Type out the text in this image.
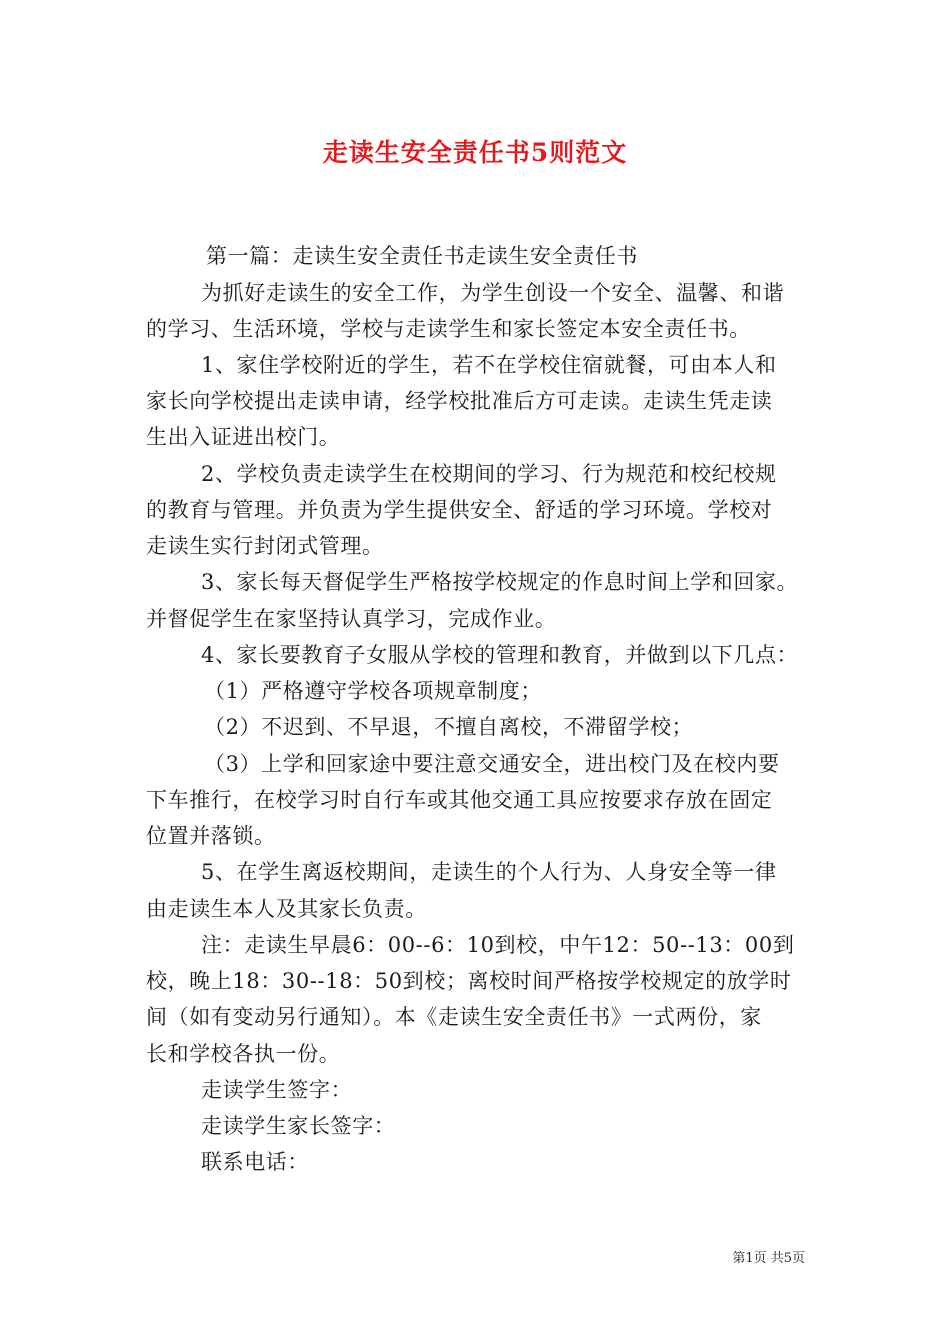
走读生安全责任书5则范文
第一篇：走读生安全责任书走读生安全责任书
为抓好走读生的安全工作，为学生创设一个安全、温馨、和谐
的学习、生活环境，学校与走读学生和家长签定本安全责任书。
1、家住学校附近的学生，若不在学校住宿就餐，可由本人和
家长向学校提出走读申请，经学校批准后方可走读。走读生凭走读
生出入证进出校门。
2、学校负责走读学生在校期间的学习、行为规范和校纪校规
的教育与管理。并负责为学生提供安全、舒适的学习环境。学校对
走读生实行封闭式管理。
3、家长每天督促学生严格按学校规定的作息时间上学和回家。
并督促学生在家坚持认真学习，完成作业。
4、家长要教育子女服从学校的管理和教育，并做到以下几点：
（1）严格遵守学校各项规章制度；
（2）不迟到、不早退，不擅自离校，不滞留学校；
（3）上学和回家途中要注意交通安全，进出校门及在校内要
下车推行，在校学习时自行车或其他交通工具应按要求存放在固定
位置并落锁。
5、在学生离返校期间，走读生的个人行为、人身安全等一律
由走读生本人及其家长负责。
注：走读生早晨6：00--6：10到校，中午12：50--13：00到
校，晚上18：30--18：50到校；离校时间严格按学校规定的放学时
间（如有变动另行通知）。本《走读生安全责任书》一式两份，家
长和学校各执一份。
走读学生签字：
走读学生家长签字：
联系电话：
第1页 共5页
